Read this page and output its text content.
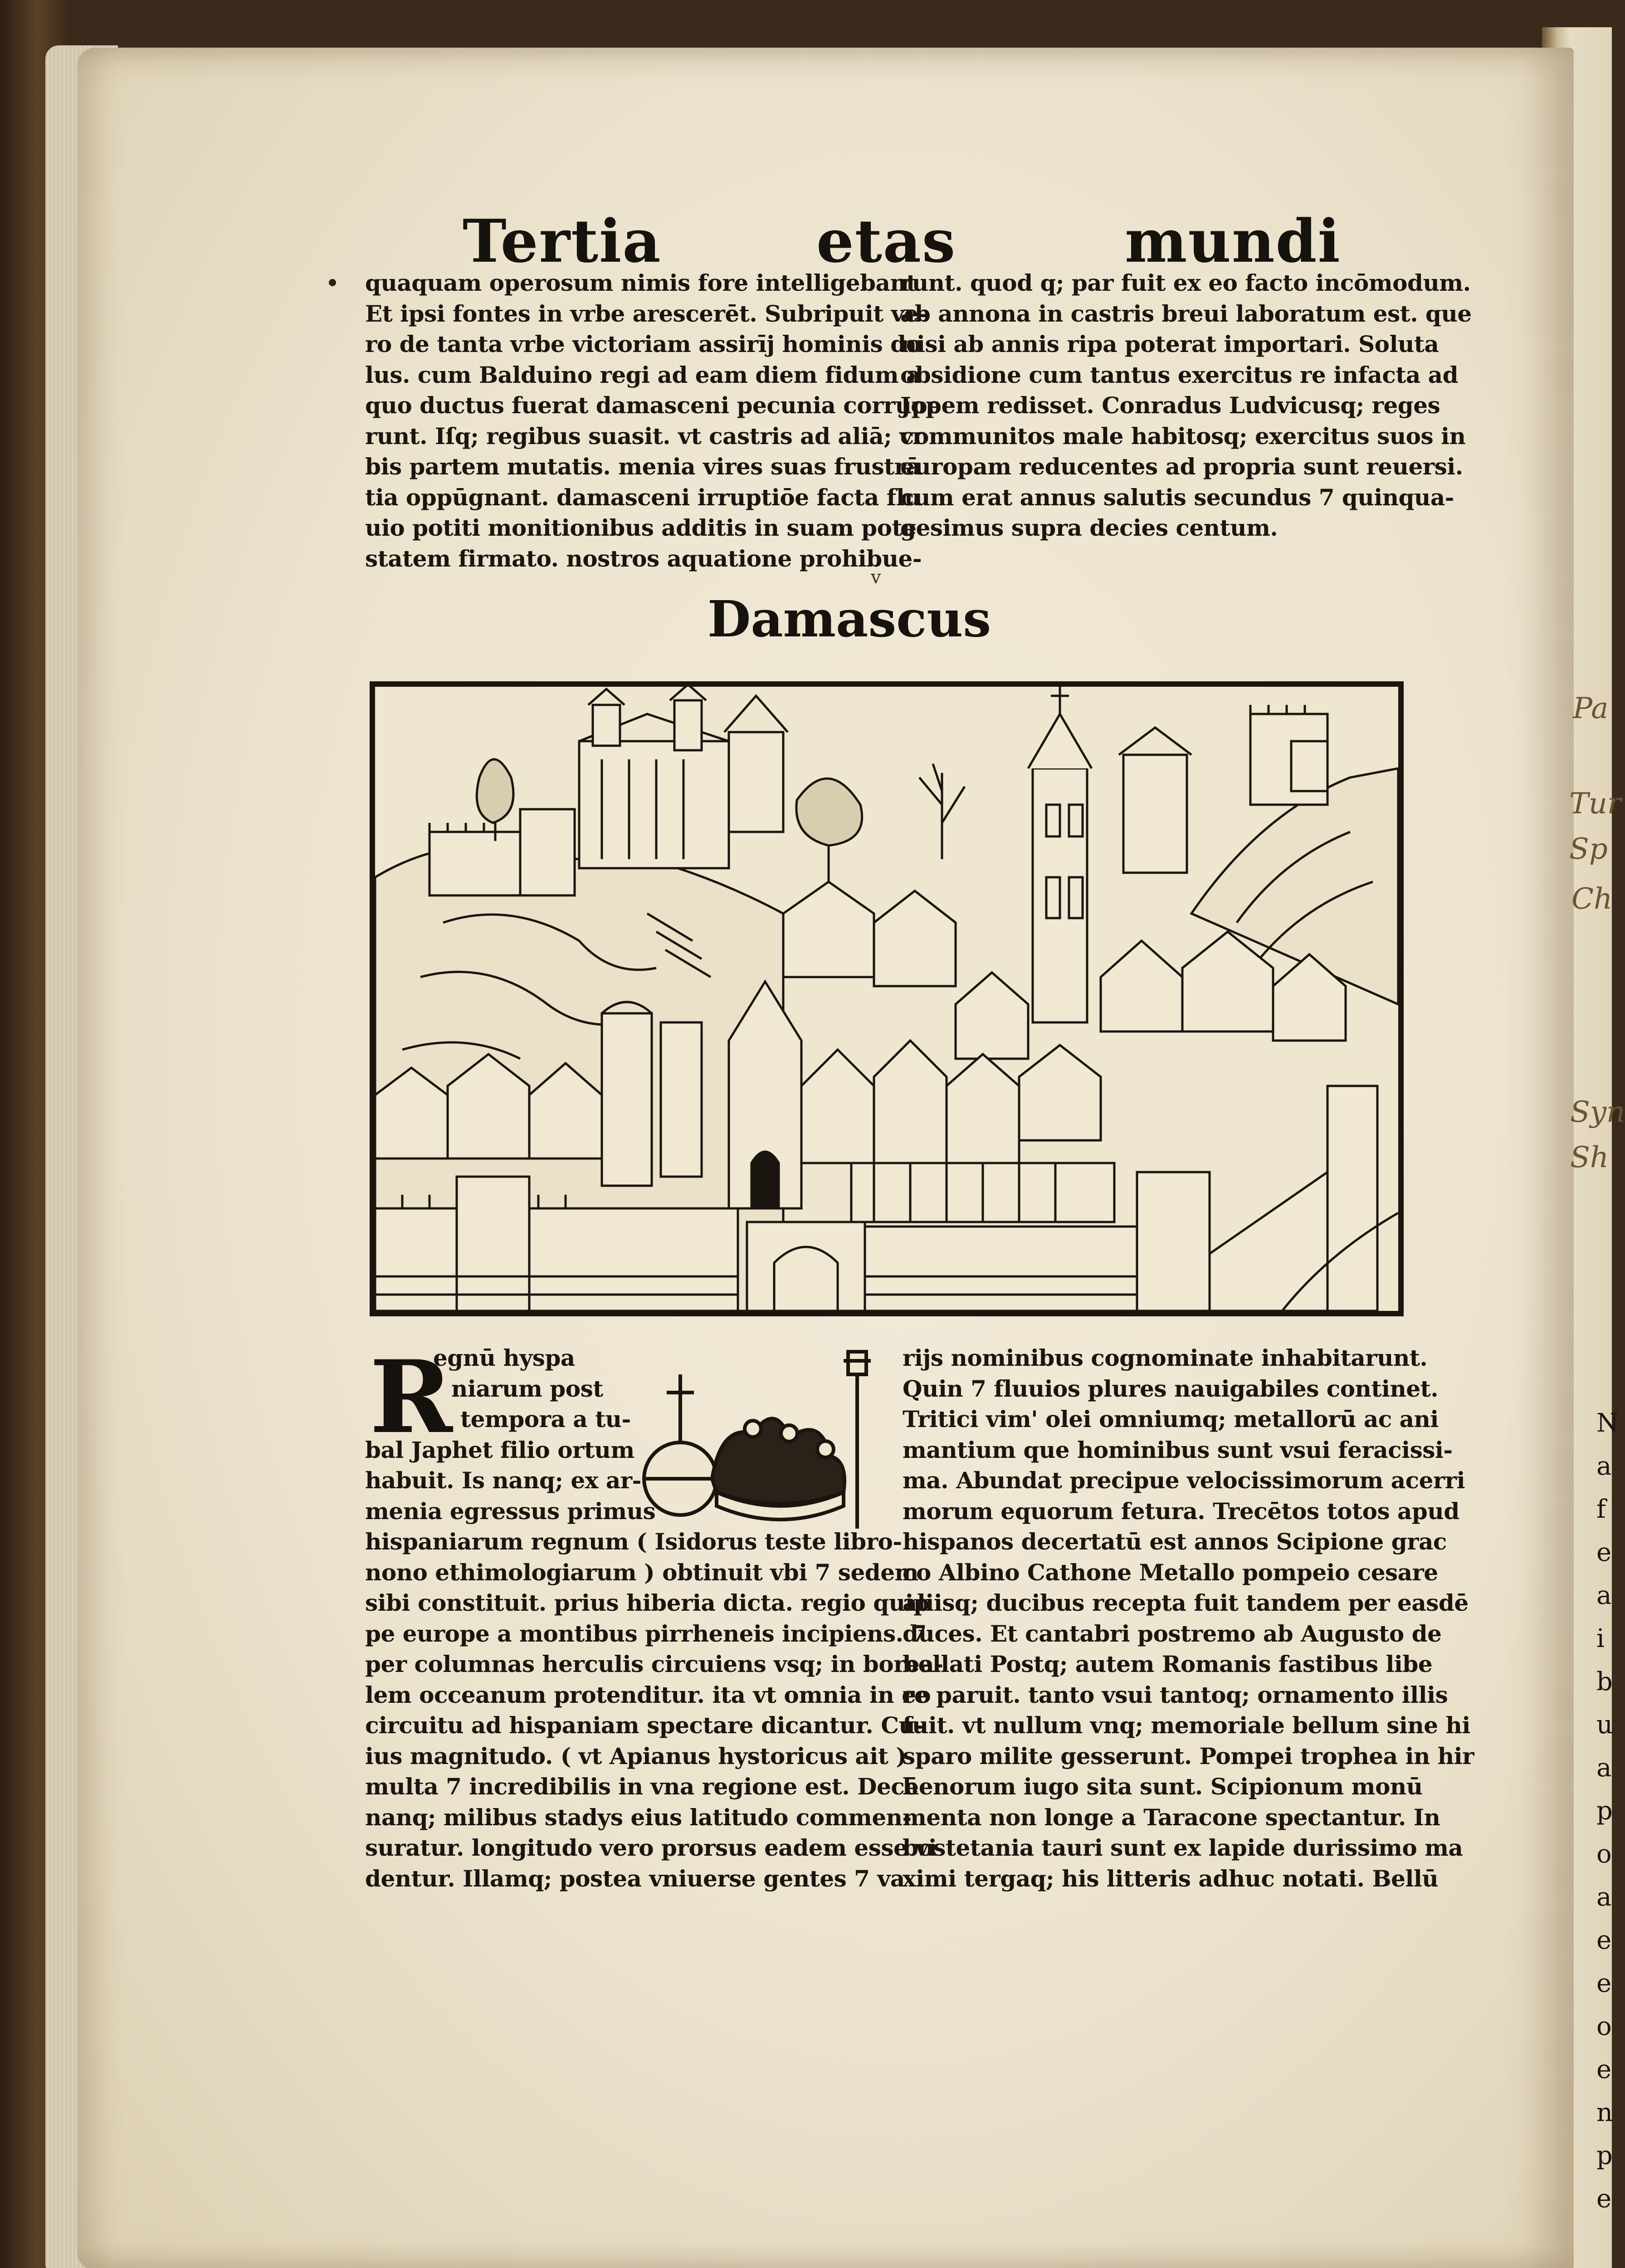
Pa
Tur
Sp
Ch
Syn
Sh
N
a
f
e
a
i
b
u
a
p
o
a
e
e
o
e
n
p
e
Tertia	etas	mundi
quaquam operosum nimis fore intelligebant
Et ipsi fontes in vrbe arescerēt. Subripuit ve-
ro de tanta vrbe victoriam assirīj hominis do
lus. cum Balduino regi ad eam diem fidum a
quo ductus fuerat damasceni pecunia corrupe
runt. Iſq; regibus suasit. vt castris ad aliā; vr
bis partem mutatis. menia vires suas frustrā
tia oppūgnant. damasceni irruptiōe facta flu
uio potiti monitionibus additis in suam pote
statem firmato. nostros aquatione prohibue-
runt. quod q; par fuit ex eo facto incōmodum.
ab annona in castris breui laboratum est. que
nisi ab annis ripa poterat importari. Soluta
obsidione cum tantus exercitus re infacta ad
Jopem redisset. Conradus Ludvicusq; reges
communitos male habitosq; exercitus suos in
europam reducentes ad propria sunt reuersi.
cum erat annus salutis secundus 7 quinqua-
gesimus supra decies centum.
v
Damascus
R
egnū hyspa
niarum post
tempora a tu-
bal Japhet filio ortum
habuit. Is nanq; ex ar-
menia egressus primus
hispaniarum regnum ( Isidorus teste libro-
nono ethimologiarum ) obtinuit vbi 7 sedem
sibi constituit. prius hiberia dicta. regio quip
pe europe a montibus pirrheneis incipiens. 7
per columnas herculis circuiens vsq; in borea-
lem occeanum protenditur. ita vt omnia in eo
circuitu ad hispaniam spectare dicantur. Cu-
ius magnitudo. ( vt Apianus hystoricus ait )
multa 7 incredibilis in vna regione est. Decē
nanq; milibus stadys eius latitudo commen-
suratur. longitudo vero prorsus eadem esse vi
dentur. Illamq; postea vniuerse gentes 7 va
rijs nominibus cognominate inhabitarunt.
Quin 7 fluuios plures nauigabiles continet.
Tritici vim' olei omniumq; metallorū ac ani
mantium que hominibus sunt vsui feracissi-
ma. Abundat precipue velocissimorum acerri
morum equorum fetura. Trecētos totos apud
hispanos decertatū est annos Scipione grac
co Albino Cathone Metallo pompeio cesare
aliisq; ducibus recepta fuit tandem per easdē
duces. Et cantabri postremo ab Augusto de
bellati Postq; autem Romanis fastibus libe
re paruit. tanto vsui tantoq; ornamento illis
fuit. vt nullum vnq; memoriale bellum sine hi
sparo milite gesserunt. Pompei trophea in hir
henorum iugo sita sunt. Scipionum monū
menta non longe a Taracone spectantur. In
bostetania tauri sunt ex lapide durissimo ma
ximi tergaq; his litteris adhuc notati. Bellū
